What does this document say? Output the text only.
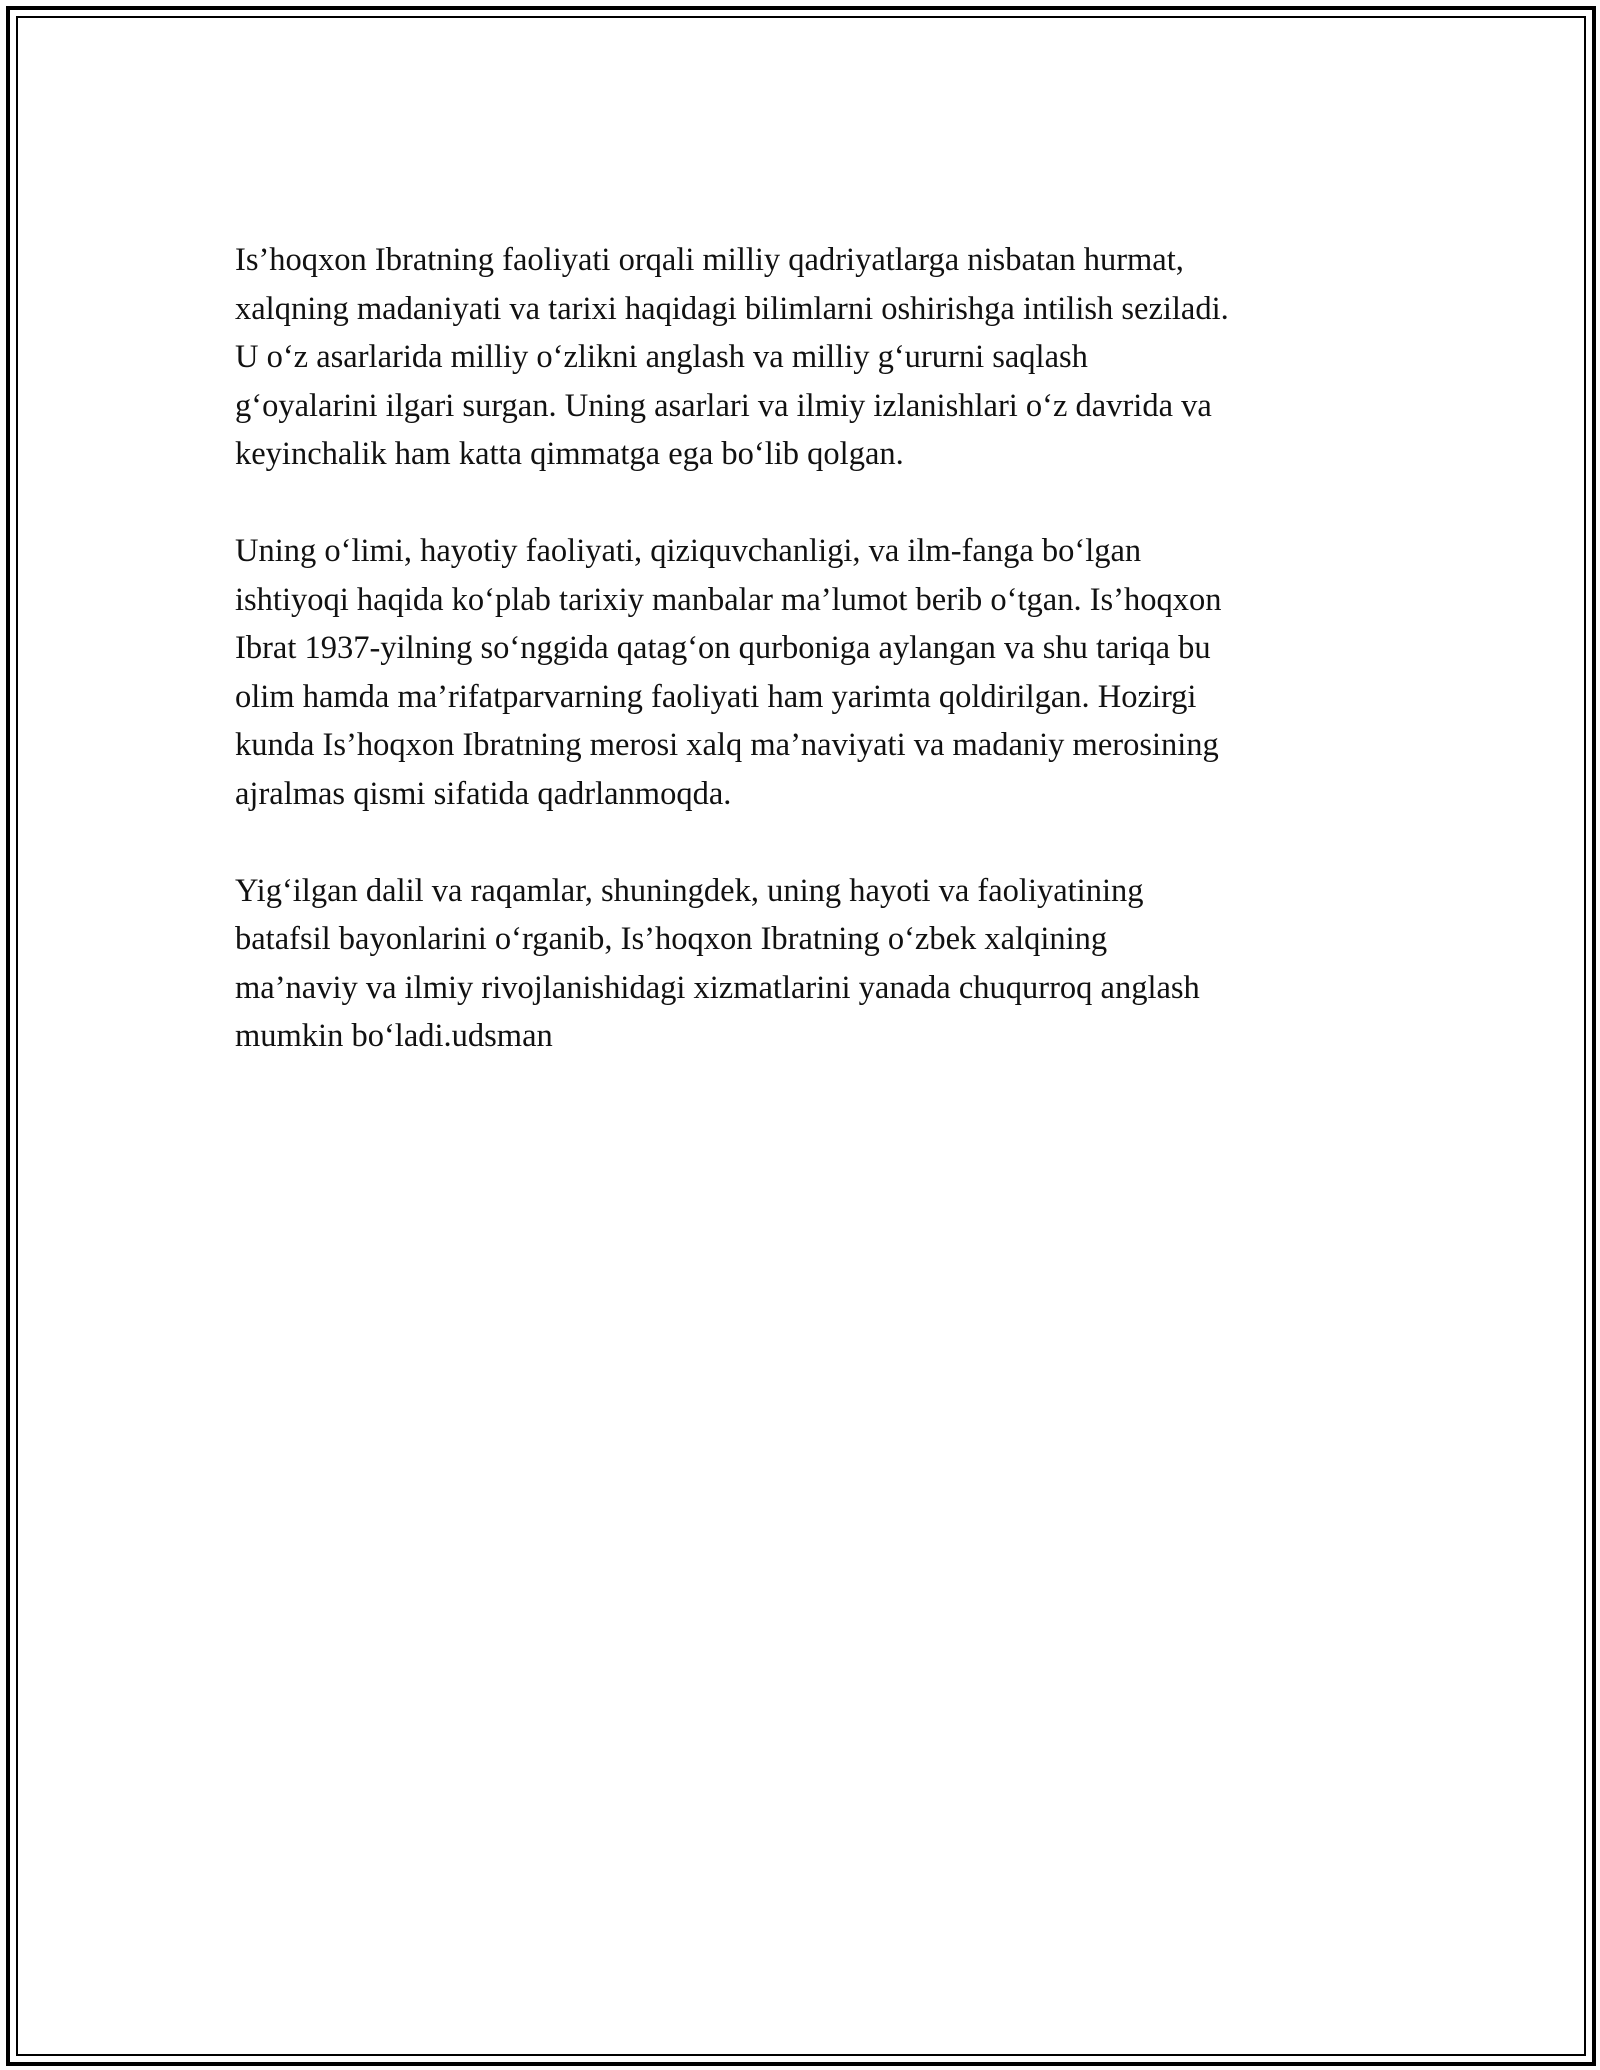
Is’hoqxon Ibratning faoliyati orqali milliy qadriyatlarga nisbatan hurmat,
xalqning madaniyati va tarixi haqidagi bilimlarni oshirishga intilish seziladi.
U o‘z asarlarida milliy o‘zlikni anglash va milliy g‘ururni saqlash
g‘oyalarini ilgari surgan. Uning asarlari va ilmiy izlanishlari o‘z davrida va
keyinchalik ham katta qimmatga ega bo‘lib qolgan.

Uning o‘limi, hayotiy faoliyati, qiziquvchanligi, va ilm-fanga bo‘lgan
ishtiyoqi haqida ko‘plab tarixiy manbalar ma’lumot berib o‘tgan. Is’hoqxon
Ibrat 1937-yilning so‘nggida qatag‘on qurboniga aylangan va shu tariqa bu
olim hamda ma’rifatparvarning faoliyati ham yarimta qoldirilgan. Hozirgi
kunda Is’hoqxon Ibratning merosi xalq ma’naviyati va madaniy merosining
ajralmas qismi sifatida qadrlanmoqda.

Yig‘ilgan dalil va raqamlar, shuningdek, uning hayoti va faoliyatining
batafsil bayonlarini o‘rganib, Is’hoqxon Ibratning o‘zbek xalqining
ma’naviy va ilmiy rivojlanishidagi xizmatlarini yanada chuqurroq anglash
mumkin bo‘ladi.udsman
